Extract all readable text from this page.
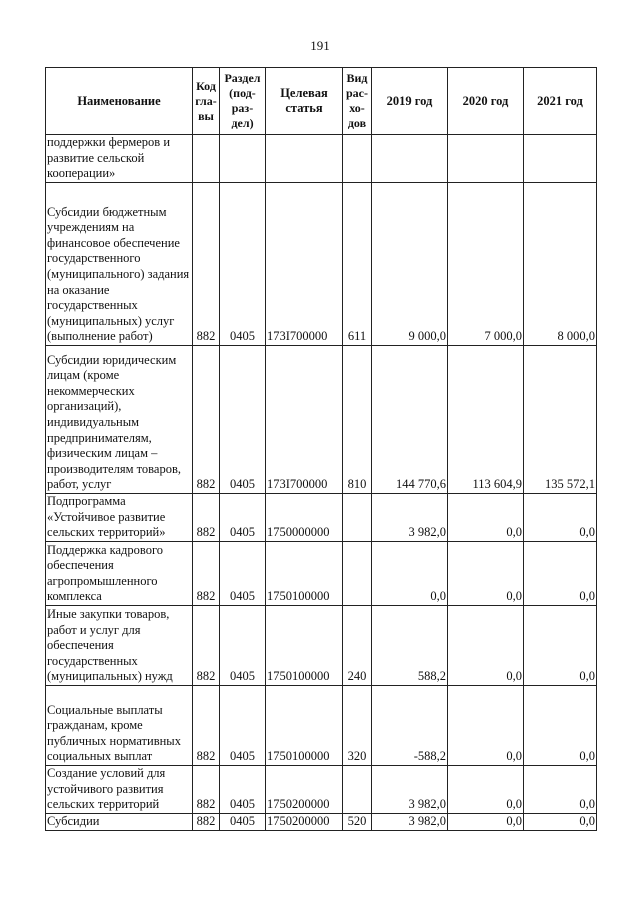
191
Наименование	Код
гла-
вы	Раздел
(под-
раз-
дел)	Целевая
статья	Вид
рас-
хо-
дов	2019 год	2020 год	2021 год
поддержки фермеров и развитие сельской кооперации»							
Субсидии бюджетным учреждениям на финансовое обеспечение государственного (муниципального) задания на оказание государственных (муниципальных) услуг (выполнение работ)	882	0405	173I700000	611	9 000,0	7 000,0	8 000,0
Субсидии юридическим лицам (кроме некоммерческих организаций), индивидуальным предпринимателям, физическим лицам – производителям товаров, работ, услуг	882	0405	173I700000	810	144 770,6	113 604,9	135 572,1
Подпрограмма «Устойчивое развитие сельских территорий»	882	0405	1750000000		3 982,0	0,0	0,0
Поддержка кадрового обеспечения агропромышленного комплекса	882	0405	1750100000		0,0	0,0	0,0
Иные закупки товаров, работ и услуг для обеспечения государственных (муниципальных) нужд	882	0405	1750100000	240	588,2	0,0	0,0
Социальные выплаты гражданам, кроме публичных нормативных социальных выплат	882	0405	1750100000	320	-588,2	0,0	0,0
Создание условий для устойчивого развития сельских территорий	882	0405	1750200000		3 982,0	0,0	0,0
Субсидии	882	0405	1750200000	520	3 982,0	0,0	0,0
